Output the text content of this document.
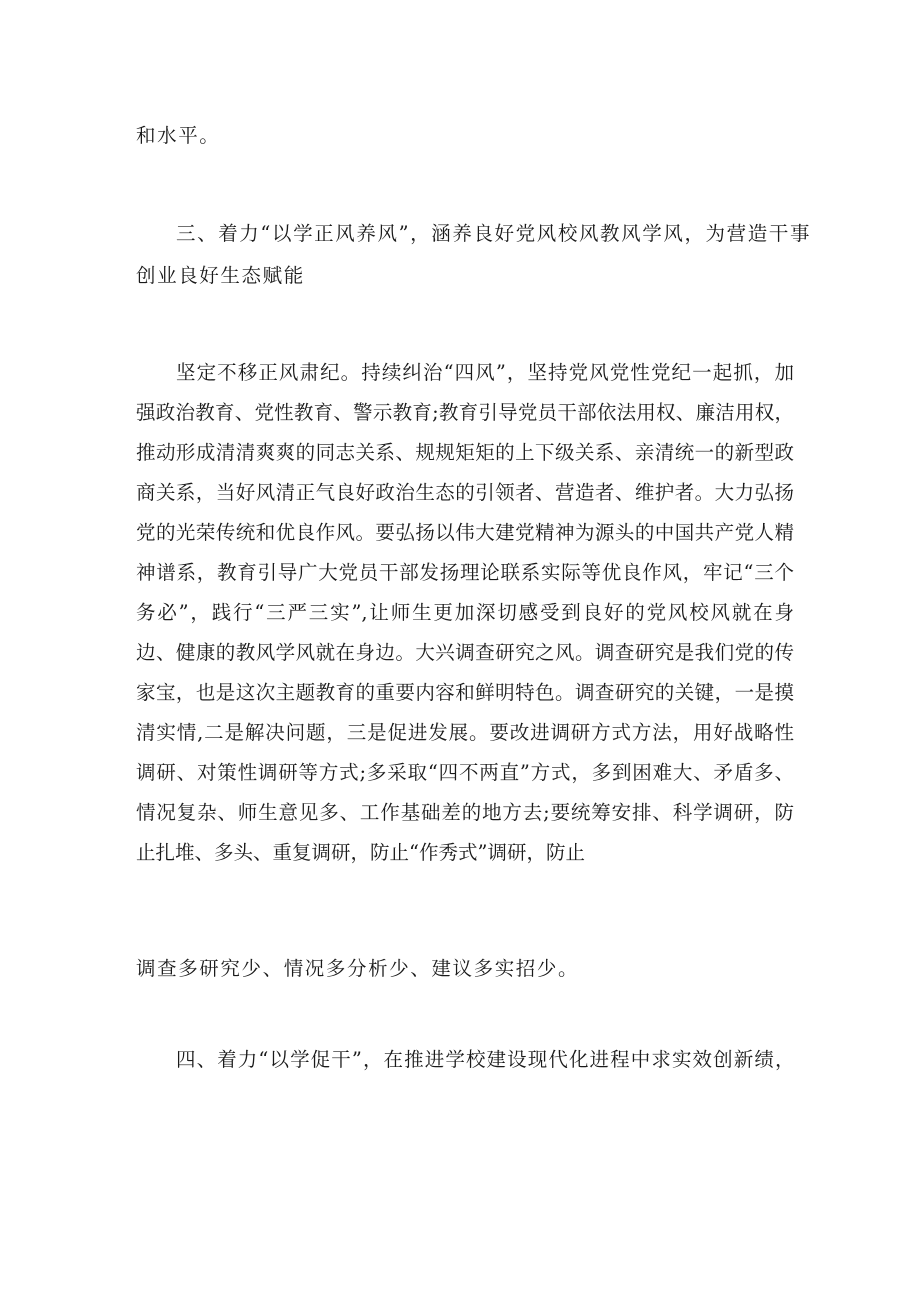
和水平。

三、着力“以学正风养风”，涵养良好党风校风教风学风，为营造干事

创业良好生态赋能

坚定不移正风肃纪。持续纠治“四风”，坚持党风党性党纪一起抓，加
强政治教育、党性教育、警示教育;教育引导党员干部依法用权、廉洁用权，
推动形成清清爽爽的同志关系、规规矩矩的上下级关系、亲清统一的新型政
商关系，当好风清正气良好政治生态的引领者、营造者、维护者。大力弘扬
党的光荣传统和优良作风。要弘扬以伟大建党精神为源头的中国共产党人精
神谱系，教育引导广大党员干部发扬理论联系实际等优良作风，牢记“三个
务必”，践行“三严三实”,让师生更加深切感受到良好的党风校风就在身
边、健康的教风学风就在身边。大兴调查研究之风。调查研究是我们党的传
家宝，也是这次主题教育的重要内容和鲜明特色。调查研究的关键，一是摸
清实情,二是解决问题，三是促进发展。要改进调研方式方法，用好战略性
调研、对策性调研等方式;多采取“四不两直”方式，多到困难大、矛盾多、
情况复杂、师生意见多、工作基础差的地方去;要统筹安排、科学调研，防
止扎堆、多头、重复调研，防止“作秀式”调研，防止

调查多研究少、情况多分析少、建议多实招少。

四、着力“以学促干”，在推进学校建设现代化进程中求实效创新绩，
